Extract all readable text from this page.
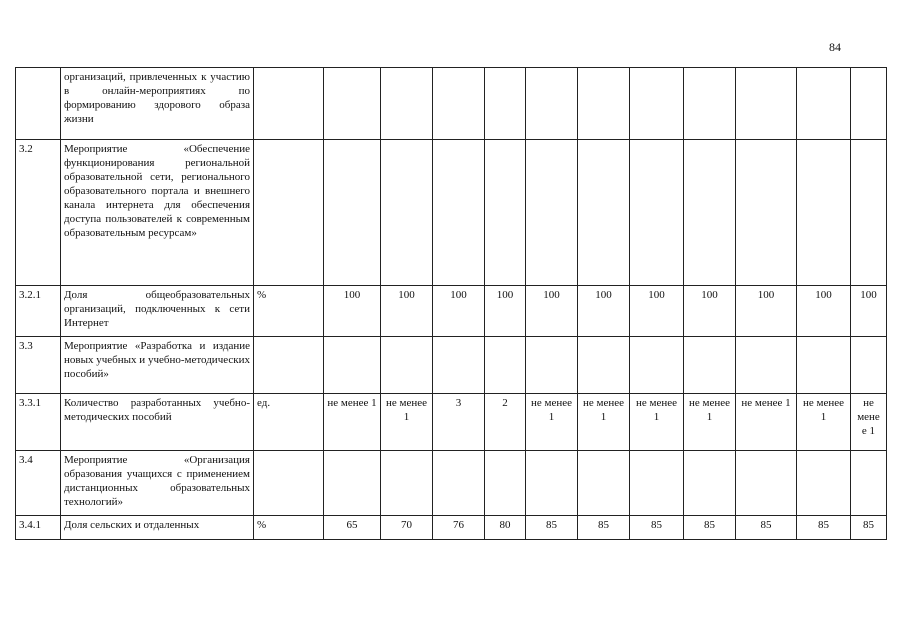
84
	организаций, привлеченных к участию в онлайн-мероприятиях по формированию здорового образа жизни												
3.2	Мероприятие «Обеспечение функционирования региональной образовательной сети, регионального образовательного портала и внешнего канала интернета для обеспечения доступа пользователей к современным образовательным ресурсам»												
3.2.1	Доля общеобразовательных организаций, подключенных к сети Интернет	%	100	100	100	100	100	100	100	100	100	100	100
3.3	Мероприятие «Разработка и издание новых учебных и учебно-методических пособий»												
3.3.1	Количество разработанных учебно-методических пособий	ед.	не менее 1	не менее 1	3	2	не менее 1	не менее 1	не менее 1	не менее 1	не менее 1	не менее 1	не мене е 1
3.4	Мероприятие «Организация образования учащихся с применением дистанционных образовательных технологий»												
3.4.1	Доля сельских и отдаленных	%	65	70	76	80	85	85	85	85	85	85	85
